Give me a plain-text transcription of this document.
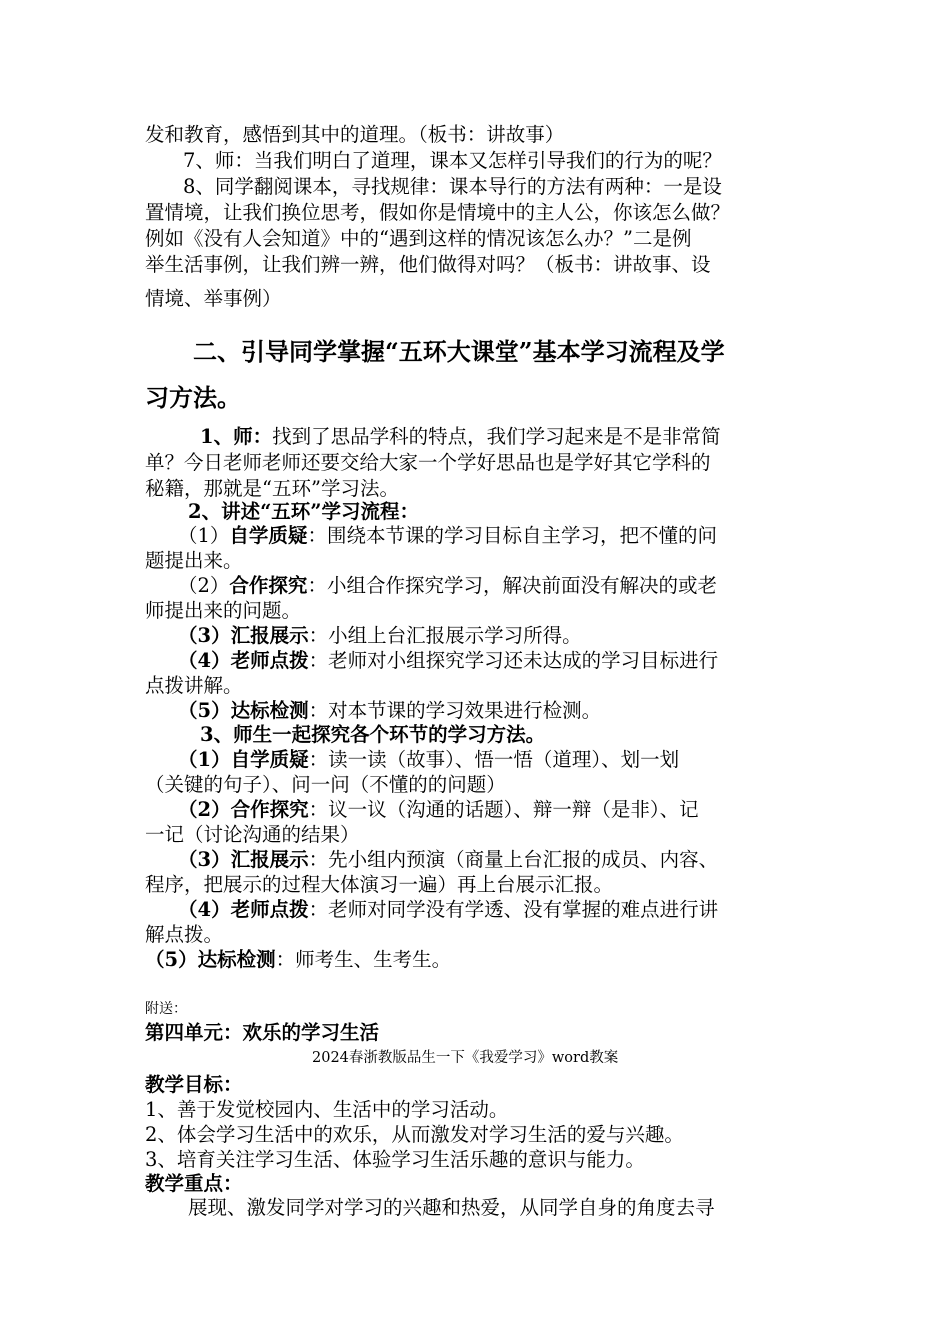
发和教育，感悟到其中的道理。（板书：讲故事）
7、师：当我们明白了道理，课本又怎样引导我们的行为的呢？
8、同学翻阅课本，寻找规律：课本导行的方法有两种：一是设
置情境，让我们换位思考，假如你是情境中的主人公，你该怎么做？
例如《没有人会知道》中的“遇到这样的情况该怎么办？”二是例
举生活事例，让我们辨一辨，他们做得对吗？（板书：讲故事、设
情境、举事例）
二、引导同学掌握“五环大课堂”基本学习流程及学
习方法。
1、师：找到了思品学科的特点，我们学习起来是不是非常简
单？今日老师老师还要交给大家一个学好思品也是学好其它学科的
秘籍，那就是“五环”学习法。
2、讲述“五环”学习流程：
（1）自学质疑：围绕本节课的学习目标自主学习，把不懂的问
题提出来。
（2）合作探究：小组合作探究学习，解决前面没有解决的或老
师提出来的问题。
（3）汇报展示：小组上台汇报展示学习所得。
（4）老师点拨：老师对小组探究学习还未达成的学习目标进行
点拨讲解。
（5）达标检测：对本节课的学习效果进行检测。
3、师生一起探究各个环节的学习方法。
（1）自学质疑：读一读（故事）、悟一悟（道理）、划一划
（关键的句子）、问一问（不懂的的问题）
（2）合作探究：议一议（沟通的话题）、辩一辩（是非）、记
一记（讨论沟通的结果）
（3）汇报展示：先小组内预演（商量上台汇报的成员、内容、
程序，把展示的过程大体演习一遍）再上台展示汇报。
（4）老师点拨：老师对同学没有学透、没有掌握的难点进行讲
解点拨。
（5）达标检测：师考生、生考生。
附送：
第四单元：欢乐的学习生活
2024春浙教版品生一下《我爱学习》word教案
教学目标：
1、善于发觉校园内、生活中的学习活动。
2、体会学习生活中的欢乐，从而激发对学习生活的爱与兴趣。
3、培育关注学习生活、体验学习生活乐趣的意识与能力。
教学重点：
展现、激发同学对学习的兴趣和热爱，从同学自身的角度去寻
